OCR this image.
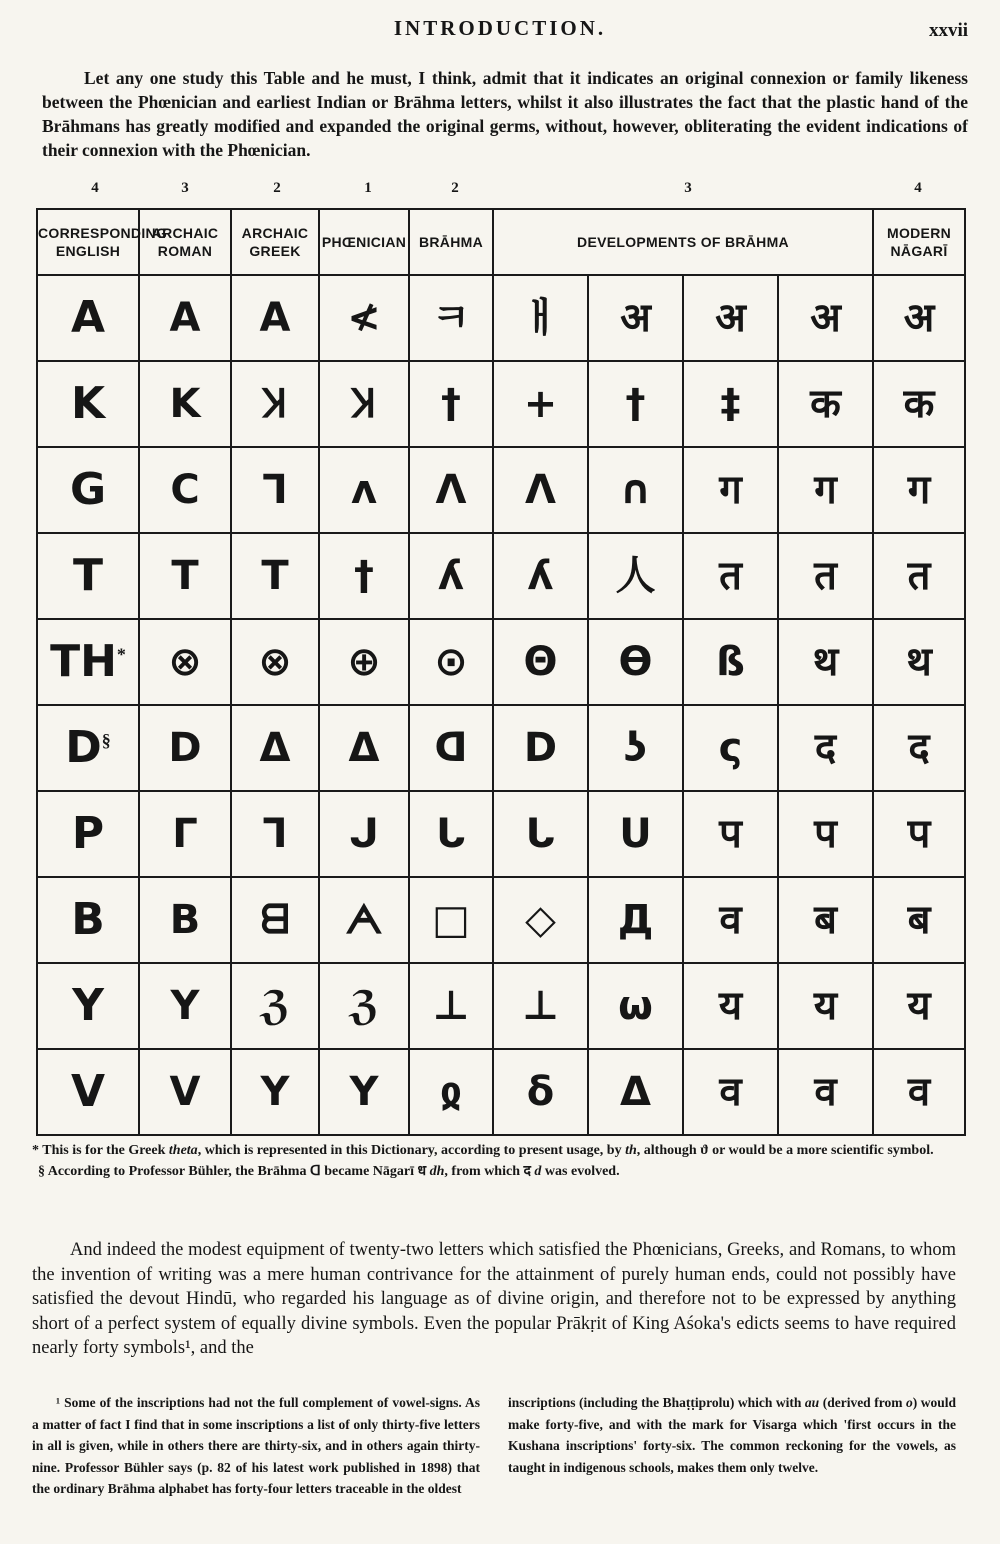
INTRODUCTION.	xxvii

Let any one study this Table and he must, I think, admit that it indicates an original connexion or family likeness between the Phœnician and earliest Indian or Brāhma letters, whilst it also illustrates the fact that the plastic hand of the Brāhmans has greatly modified and expanded the original germs, without, however, obliterating the evident indications of their connexion with the Phœnician.

4	3	2	1	2	3	4
CORRESPONDING ENGLISH	ARCHAIC ROMAN	ARCHAIC GREEK	PHŒNICIAN	BRĀHMA	DEVELOPMENTS OF BRĀHMA				MODERN NĀGARĪ
A	A	A	≮	ㅋ	ㅐ	अ	अ	अ	अ
K	K	Ʞ	Ʞ	†	+	†	‡	क	क
G	C	Ꞁ	ʌ	Λ	Λ	∩	ग	ग	ग
T	T	T	†	ʎ	ʎ	人	त	त	त
TH*	⊗	⊗	⊕	⊙	Θ	Ө	ß	थ	थ
D§	D	Δ	Δ	ᗡ	D	ʖ	ς	द	द
P	Γ	ᒣ	ᒍ	ᒐ	ᒐ	ᑌ	प	प	प
B	B	ᗺ	ᗅ	□	◇	Д	व	ब	ब
Y	Y	ℨ	ℨ	⊥	⊥	ω	य	य	य
V	V	Y	Y	ჲ	δ	Δ	व	व	व

* This is for the Greek theta, which is represented in this Dictionary, according to present usage, by th, although ϑ or would be a more scientific symbol.

§ According to Professor Bühler, the Brāhma ᗡ became Nāgarī ध dh, from which द d was evolved.

And indeed the modest equipment of twenty-two letters which satisfied the Phœnicians, Greeks, and Romans, to whom the invention of writing was a mere human contrivance for the attainment of purely human ends, could not possibly have satisfied the devout Hindū, who regarded his language as of divine origin, and therefore not to be expressed by anything short of a perfect system of equally divine symbols. Even the popular Prākṛit of King Aśoka's edicts seems to have required nearly forty symbols¹, and the

¹ Some of the inscriptions had not the full complement of vowel-signs. As a matter of fact I find that in some inscriptions a list of only thirty-five letters in all is given, while in others there are thirty-six, and in others again thirty-nine. Professor Bühler says (p. 82 of his latest work published in 1898) that the ordinary Brāhma alphabet has forty-four letters traceable in the oldest

inscriptions (including the Bhaṭṭiprolu) which with au (derived from o) would make forty-five, and with the mark for Visarga which 'first occurs in the Kushana inscriptions' forty-six. The common reckoning for the vowels, as taught in indigenous schools, makes them only twelve.
